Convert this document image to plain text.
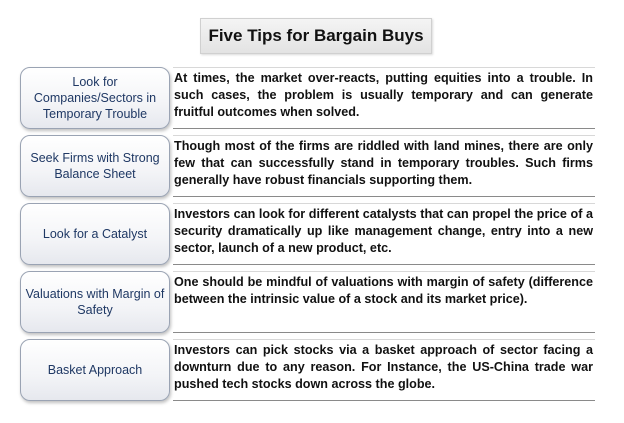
Five Tips for Bargain Buys
Look for Companies/Sectors in Temporary Trouble
At times, the market over-reacts, putting equities into a trouble. In such cases, the problem is usually temporary and can generate fruitful outcomes when solved.
Seek Firms with Strong Balance Sheet
Though most of the firms are riddled with land mines, there are only few that can successfully stand in temporary troubles. Such firms generally have robust financials supporting them.
Look for a Catalyst
Investors can look for different catalysts that can propel the price of a security dramatically up like management change, entry into a new sector, launch of a new product, etc.
Valuations with Margin of Safety
One should be mindful of valuations with margin of safety (difference between the intrinsic value of a stock and its market price).
Basket Approach
Investors can pick stocks via a basket approach of sector facing a downturn due to any reason. For Instance, the US-China trade war pushed tech stocks down across the globe.
